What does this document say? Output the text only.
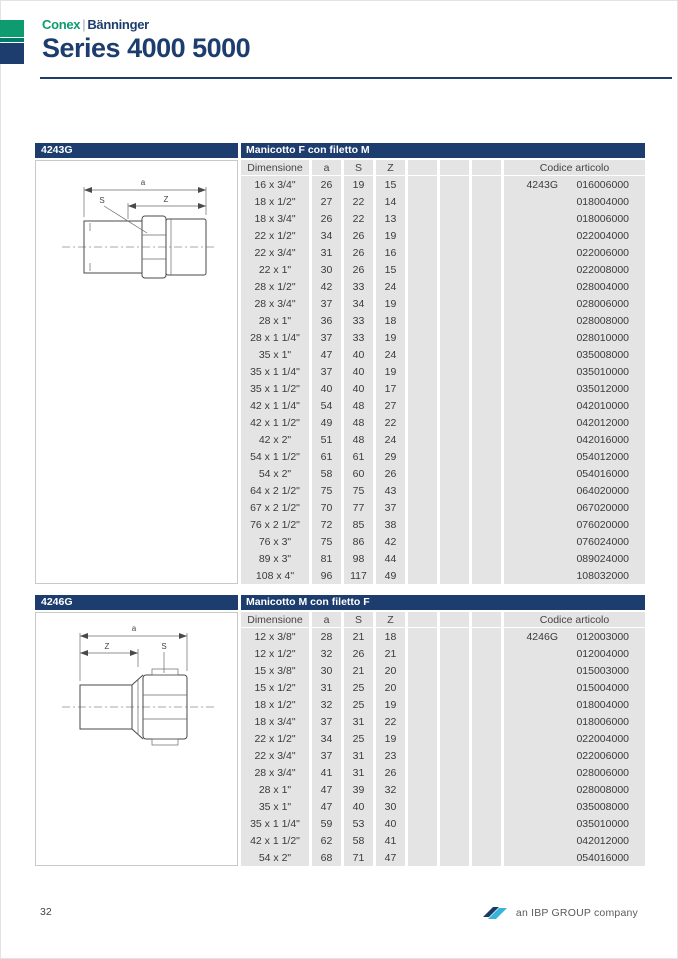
Conex | Bänninger
Series 4000 5000
4243G	Manicotto F con filetto M
a
Z
S
Dimensione	a	S	Z	Codice articolo
16 x 3/4"	26	19	15	4243G	016006000
18 x 1/2"	27	22	14	018004000
18 x 3/4"	26	22	13	018006000
22 x 1/2"	34	26	19	022004000
22 x 3/4"	31	26	16	022006000
22 x 1"	30	26	15	022008000
28 x 1/2"	42	33	24	028004000
28 x 3/4"	37	34	19	028006000
28 x 1"	36	33	18	028008000
28 x 1 1/4"	37	33	19	028010000
35 x 1"	47	40	24	035008000
35 x 1 1/4"	37	40	19	035010000
35 x 1 1/2"	40	40	17	035012000
42 x 1 1/4"	54	48	27	042010000
42 x 1 1/2"	49	48	22	042012000
42 x 2"	51	48	24	042016000
54 x 1 1/2"	61	61	29	054012000
54 x 2"	58	60	26	054016000
64 x 2 1/2"	75	75	43	064020000
67 x 2 1/2"	70	77	37	067020000
76 x 2 1/2"	72	85	38	076020000
76 x 3"	75	86	42	076024000
89 x 3"	81	98	44	089024000
108 x 4"	96	117	49	108032000
4246G	Manicotto M con filetto F
a
Z	S
Dimensione	a	S	Z	Codice articolo
12 x 3/8"	28	21	18	4246G	012003000
12 x 1/2"	32	26	21	012004000
15 x 3/8"	30	21	20	015003000
15 x 1/2"	31	25	20	015004000
18 x 1/2"	32	25	19	018004000
18 x 3/4"	37	31	22	018006000
22 x 1/2"	34	25	19	022004000
22 x 3/4"	37	31	23	022006000
28 x 3/4"	41	31	26	028006000
28 x 1"	47	39	32	028008000
35 x 1"	47	40	30	035008000
35 x 1 1/4"	59	53	40	035010000
42 x 1 1/2"	62	58	41	042012000
54 x 2"	68	71	47	054016000
32	an IBP GROUP company
